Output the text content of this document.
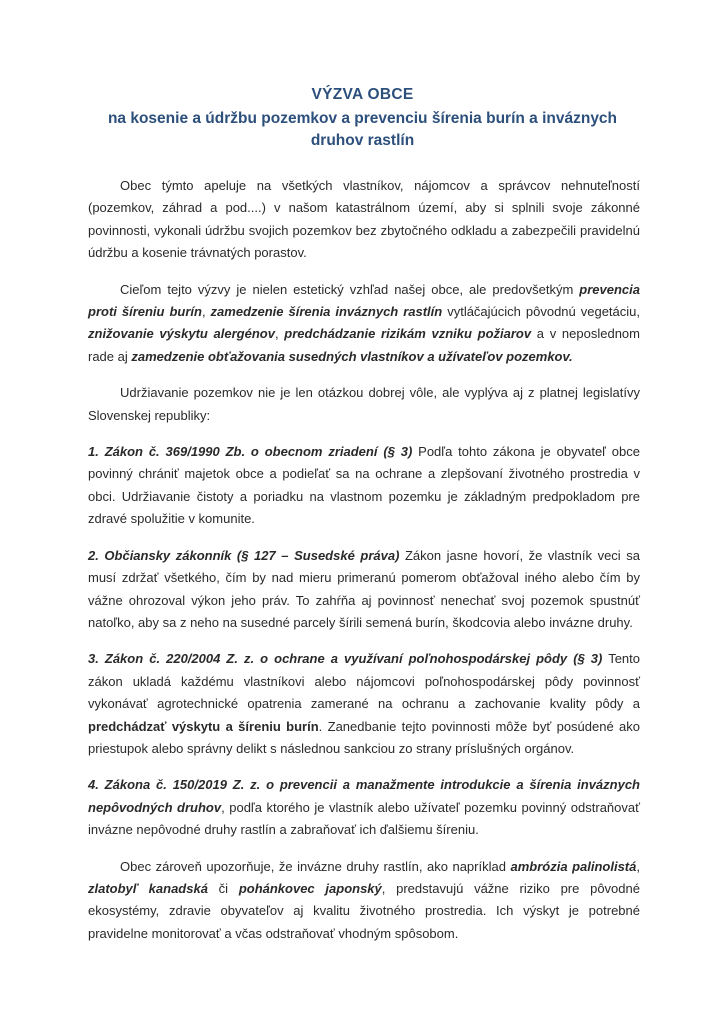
VÝZVA OBCE
na kosenie a údržbu pozemkov a prevenciu šírenia burín a inváznych druhov rastlín

Obec týmto apeluje na všetkých vlastníkov, nájomcov a správcov nehnuteľností (pozemkov, záhrad a pod....) v našom katastrálnom území, aby si splnili svoje zákonné povinnosti, vykonali údržbu svojich pozemkov bez zbytočného odkladu a zabezpečili pravidelnú údržbu a kosenie trávnatých porastov.

Cieľom tejto výzvy je nielen estetický vzhľad našej obce, ale predovšetkým prevencia proti šíreniu burín, zamedzenie šírenia inváznych rastlín vytláčajúcich pôvodnú vegetáciu, znižovanie výskytu alergénov, predchádzanie rizikám vzniku požiarov a v neposlednom rade aj zamedzenie obťažovania susedných vlastníkov a užívateľov pozemkov.

Udržiavanie pozemkov nie je len otázkou dobrej vôle, ale vyplýva aj z platnej legislatívy Slovenskej republiky:

1. Zákon č. 369/1990 Zb. o obecnom zriadení (§ 3) Podľa tohto zákona je obyvateľ obce povinný chrániť majetok obce a podieľať sa na ochrane a zlepšovaní životného prostredia v obci. Udržiavanie čistoty a poriadku na vlastnom pozemku je základným predpokladom pre zdravé spolužitie v komunite.

2. Občiansky zákonník (§ 127 – Susedské práva) Zákon jasne hovorí, že vlastník veci sa musí zdržať všetkého, čím by nad mieru primeranú pomerom obťažoval iného alebo čím by vážne ohrozoval výkon jeho práv. To zahŕňa aj povinnosť nenechať svoj pozemok spustnúť natoľko, aby sa z neho na susedné parcely šírili semená burín, škodcovia alebo invázne druhy.

3. Zákon č. 220/2004 Z. z. o ochrane a využívaní poľnohospodárskej pôdy (§ 3) Tento zákon ukladá každému vlastníkovi alebo nájomcovi poľnohospodárskej pôdy povinnosť vykonávať agrotechnické opatrenia zamerané na ochranu a zachovanie kvality pôdy a predchádzať výskytu a šíreniu burín. Zanedbanie tejto povinnosti môže byť posúdené ako priestupok alebo správny delikt s následnou sankciou zo strany príslušných orgánov.

4. Zákona č. 150/2019 Z. z. o prevencii a manažmente introdukcie a šírenia inváznych nepôvodných druhov, podľa ktorého je vlastník alebo užívateľ pozemku povinný odstraňovať invázne nepôvodné druhy rastlín a zabraňovať ich ďalšiemu šíreniu.

Obec zároveň upozorňuje, že invázne druhy rastlín, ako napríklad ambrózia palinolistá, zlatobyľ kanadská či pohánkovec japonský, predstavujú vážne riziko pre pôvodné ekosystémy, zdravie obyvateľov aj kvalitu životného prostredia. Ich výskyt je potrebné pravidelne monitorovať a včas odstraňovať vhodným spôsobom.
